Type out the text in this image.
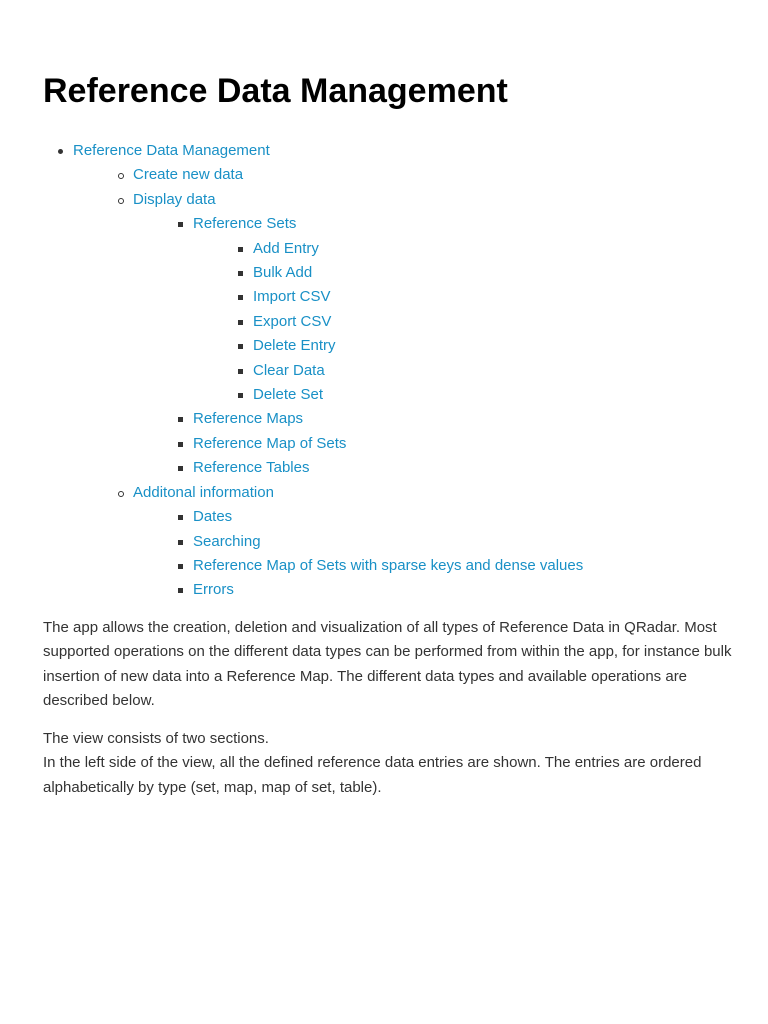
Reference Data Management
Reference Data Management
Create new data
Display data
Reference Sets
Add Entry
Bulk Add
Import CSV
Export CSV
Delete Entry
Clear Data
Delete Set
Reference Maps
Reference Map of Sets
Reference Tables
Additonal information
Dates
Searching
Reference Map of Sets with sparse keys and dense values
Errors

The app allows the creation, deletion and visualization of all types of Reference Data in QRadar. Most supported operations on the different data types can be performed from within the app, for instance bulk insertion of new data into a Reference Map. The different data types and available operations are described below.

The view consists of two sections.
In the left side of the view, all the defined reference data entries are shown. The entries are ordered alphabetically by type (set, map, map of set, table).
